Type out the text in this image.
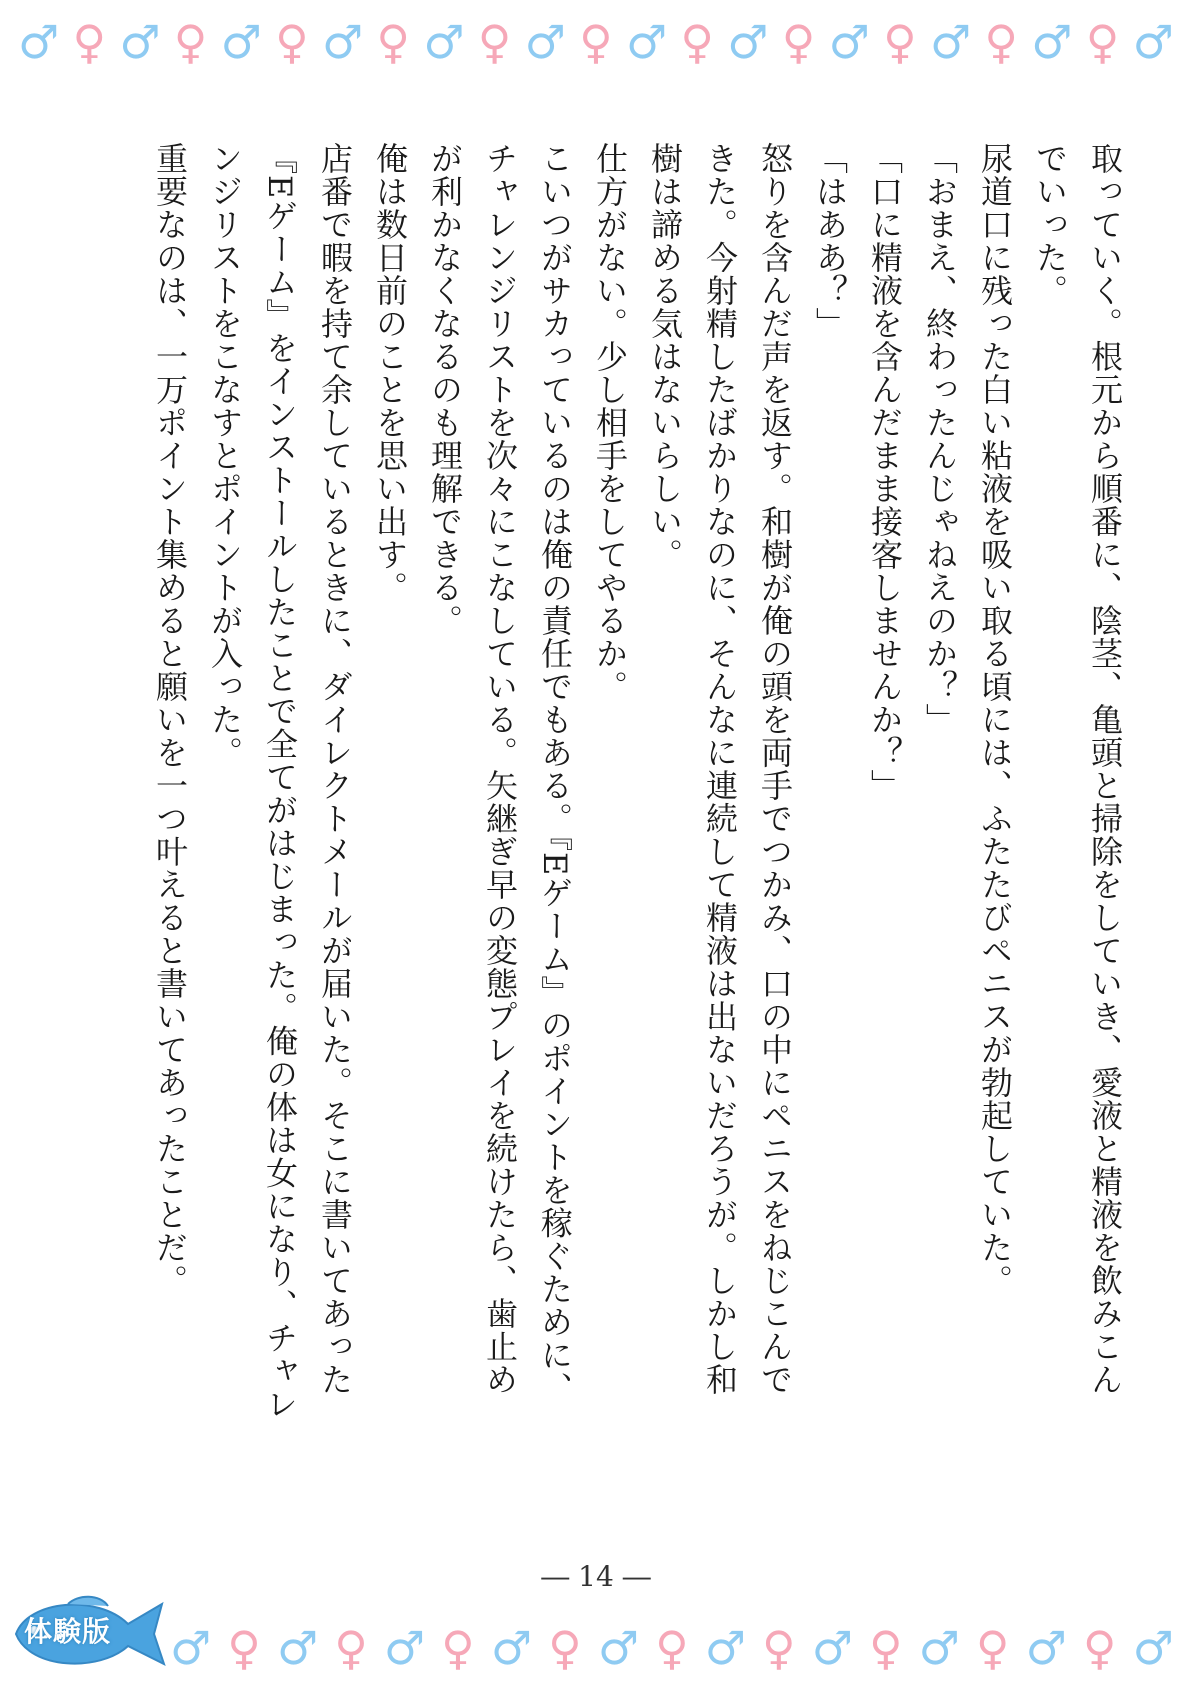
♂ ♀ ♂ ♀ ♂ ♀ ♂ ♀ ♂ ♀ ♂ ♀ ♂ ♀ ♂ ♀ ♂ ♀ ♂ ♀ ♂ ♀ ♂

取っていく。根元から順番に、陰茎、亀頭と掃除をしていき、愛液と精液を飲みこんでいった。

尿道口に残った白い粘液を吸い取る頃には、ふたたびペニスが勃起していた。

「おまえ、終わったんじゃねえのか？」

「口に精液を含んだまま接客しませんか？」

「はああ？」

怒りを含んだ声を返す。和樹が俺の頭を両手でつかみ、口の中にペニスをねじこんできた。今射精したばかりなのに、そんなに連続して精液は出ないだろうが。しかし和樹は諦める気はないらしい。

仕方がない。少し相手をしてやるか。

こいつがサカっているのは俺の責任でもある。『Eゲーム』のポイントを稼ぐために、チャレンジリストを次々にこなしている。矢継ぎ早の変態プレイを続けたら、歯止めが利かなくなるのも理解できる。

俺は数日前のことを思い出す。

店番で暇を持て余しているときに、ダイレクトメールが届いた。そこに書いてあった『Eゲーム』をインストールしたことで全てがはじまった。俺の体は女になり、チャレンジリストをこなすとポイントが入った。

重要なのは、一万ポイント集めると願いを一つ叶えると書いてあったことだ。

― 14 ―
体験版 ♂ ♀ ♂ ♀ ♂ ♀ ♂ ♀ ♂ ♀ ♂ ♀ ♂ ♀ ♂ ♀ ♂ ♀ ♂
